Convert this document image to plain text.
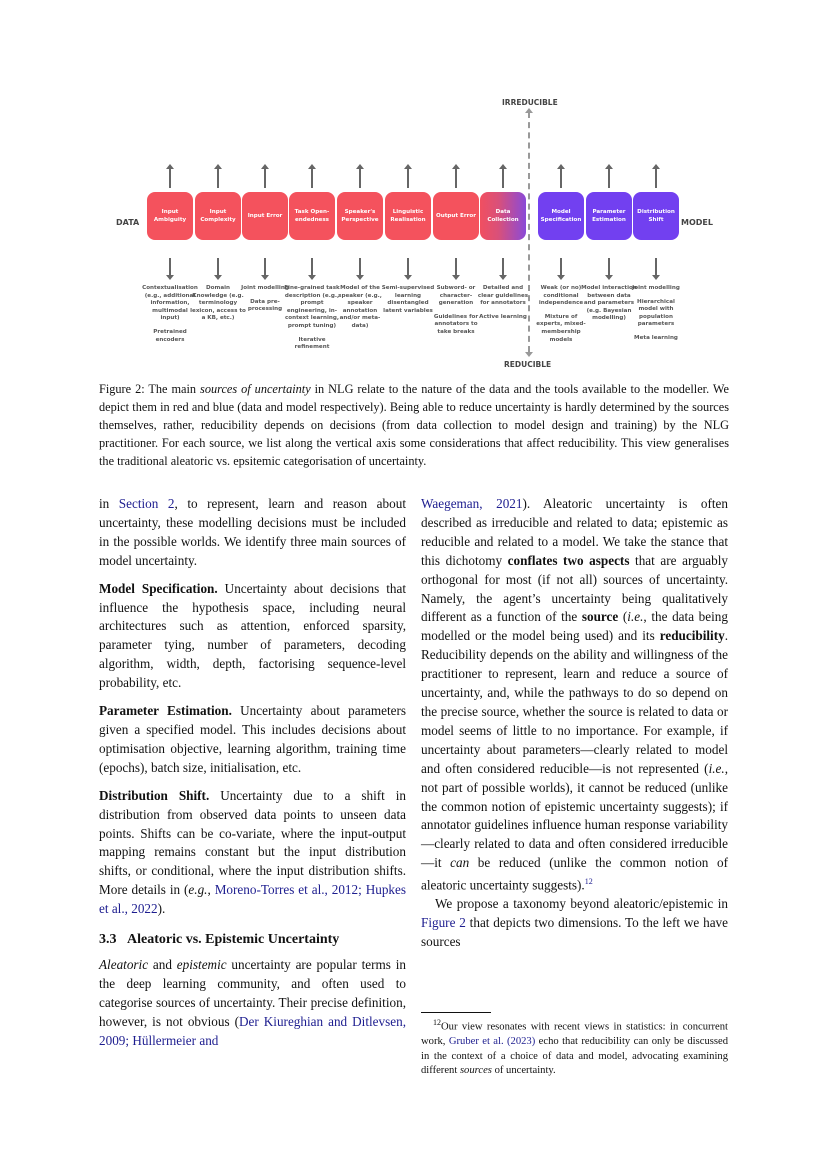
IRREDUCIBLE
REDUCIBLE
DATA	MODEL
Input Ambiguity

Contextualisation (e.g., additional information, multimodal input)

Pretrained encoders

Input Complexity

Domain Knowledge (e.g. terminology lexicon, access to a KB, etc.)

Input Error

Joint modelling

Data pre-processing

Task Open-endedness

Fine-grained task description (e.g., prompt engineering, in-context learning, prompt tuning)

Iterative refinement

Speaker's Perspective

Model of the speaker (e.g., speaker annotation and/or meta-data)

Linguistic Realisation

Semi-supervised learning disentangled latent variables

Output Error

Subword- or character-generation

Guidelines for annotators to take breaks

Data Collection

Detailed and clear guidelines for annotators

Active learning

Model Specification

Weak (or no) conditional independence

Mixture of experts, mixed-membership models

Parameter Estimation

Model interaction between data and parameters (e.g. Bayesian modelling)

Distribution Shift

Joint modelling

Hierarchical model with population parameters

Meta learning

Figure 2: The main sources of uncertainty in NLG relate to the nature of the data and the tools available to the modeller. We depict them in red and blue (data and model respectively). Being able to reduce uncertainty is hardly determined by the sources themselves, rather, reducibility depends on decisions (from data collection to model design and training) by the NLG practitioner. For each source, we list along the vertical axis some considerations that affect reducibility. This view generalises the traditional aleatoric vs. epsitemic categorisation of uncertainty.

in Section 2, to represent, learn and reason about uncertainty, these modelling decisions must be included in the possible worlds. We identify three main sources of model uncertainty.

Model Specification. Uncertainty about decisions that influence the hypothesis space, including neural architectures such as attention, enforced sparsity, parameter tying, number of parameters, decoding algorithm, width, depth, factorising sequence-level probability, etc.

Parameter Estimation. Uncertainty about parameters given a specified model. This includes decisions about optimisation objective, learning algorithm, training time (epochs), batch size, initialisation, etc.

Distribution Shift. Uncertainty due to a shift in distribution from observed data points to unseen data points. Shifts can be co-variate, where the input-output mapping remains constant but the input distribution shifts, or conditional, where the input distribution shifts. More details in (e.g., Moreno-Torres et al., 2012; Hupkes et al., 2022).

3.3 Aleatoric vs. Epistemic Uncertainty

Aleatoric and epistemic uncertainty are popular terms in the deep learning community, and often used to categorise sources of uncertainty. Their precise definition, however, is not obvious (Der Kiureghian and Ditlevsen, 2009; Hüllermeier and

Waegeman, 2021). Aleatoric uncertainty is often described as irreducible and related to data; epistemic as reducible and related to a model. We take the stance that this dichotomy conflates two aspects that are arguably orthogonal for most (if not all) sources of uncertainty. Namely, the agent’s uncertainty being qualitatively different as a function of the source (i.e., the data being modelled or the model being used) and its reducibility. Reducibility depends on the ability and willingness of the practitioner to represent, learn and reduce a source of uncertainty, and, while the pathways to do so depend on the precise source, whether the source is related to data or model seems of little to no importance. For example, if uncertainty about parameters—clearly related to model and often considered reducible—is not represented (i.e., not part of possible worlds), it cannot be reduced (unlike the common notion of epistemic uncertainty suggests); if annotator guidelines influence human response variability—clearly related to data and often considered irreducible—it can be reduced (unlike the common notion of aleatoric uncertainty suggests).$^{12}$

We propose a taxonomy beyond aleatoric/epistemic in Figure 2 that depicts two dimensions. To the left we have sources

$^{12}$Our view resonates with recent views in statistics: in concurrent work, Gruber et al. (2023) echo that reducibility can only be discussed in the context of a choice of data and model, advocating examining different sources of uncertainty.
